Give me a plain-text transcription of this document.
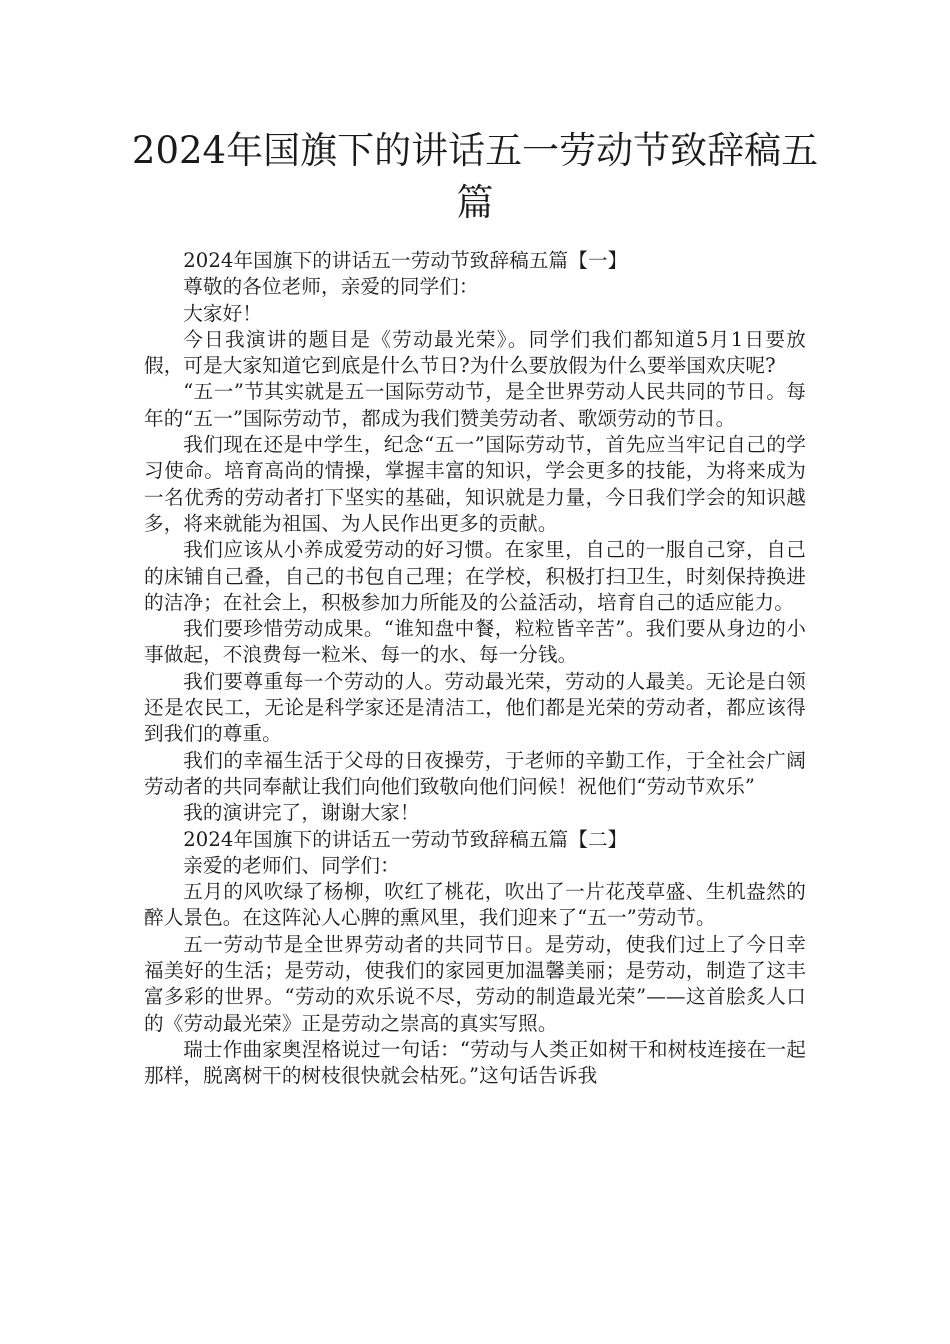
2024年国旗下的讲话五一劳动节致辞稿五篇

2024年国旗下的讲话五一劳动节致辞稿五篇【一】

尊敬的各位老师，亲爱的同学们：

大家好！

今日我演讲的题目是《劳动最光荣》。同学们我们都知道5月1日要放假，可是大家知道它到底是什么节日?为什么要放假为什么要举国欢庆呢?

“五一”节其实就是五一国际劳动节，是全世界劳动人民共同的节日。每年的“五一”国际劳动节，都成为我们赞美劳动者、歌颂劳动的节日。

我们现在还是中学生，纪念“五一”国际劳动节，首先应当牢记自己的学习使命。培育高尚的情操，掌握丰富的知识，学会更多的技能，为将来成为一名优秀的劳动者打下坚实的基础，知识就是力量，今日我们学会的知识越多，将来就能为祖国、为人民作出更多的贡献。

我们应该从小养成爱劳动的好习惯。在家里，自己的一服自己穿，自己的床铺自己叠，自己的书包自己理；在学校，积极打扫卫生，时刻保持换进的洁净；在社会上，积极参加力所能及的公益活动，培育自己的适应能力。

我们要珍惜劳动成果。“谁知盘中餐，粒粒皆辛苦”。我们要从身边的小事做起，不浪费每一粒米、每一的水、每一分钱。

我们要尊重每一个劳动的人。劳动最光荣，劳动的人最美。无论是白领还是农民工，无论是科学家还是清洁工，他们都是光荣的劳动者，都应该得到我们的尊重。

我们的幸福生活于父母的日夜操劳，于老师的辛勤工作，于全社会广阔劳动者的共同奉献让我们向他们致敬向他们问候！祝他们“劳动节欢乐”

我的演讲完了，谢谢大家！

2024年国旗下的讲话五一劳动节致辞稿五篇【二】

亲爱的老师们、同学们：

五月的风吹绿了杨柳，吹红了桃花，吹出了一片花茂草盛、生机盎然的醉人景色。在这阵沁人心脾的熏风里，我们迎来了“五一”劳动节。

五一劳动节是全世界劳动者的共同节日。是劳动，使我们过上了今日幸福美好的生活；是劳动，使我们的家园更加温馨美丽；是劳动，制造了这丰富多彩的世界。“劳动的欢乐说不尽，劳动的制造最光荣”——这首脍炙人口的《劳动最光荣》正是劳动之崇高的真实写照。

瑞士作曲家奥涅格说过一句话：“劳动与人类正如树干和树枝连接在一起那样，脱离树干的树枝很快就会枯死。”这句话告诉我
